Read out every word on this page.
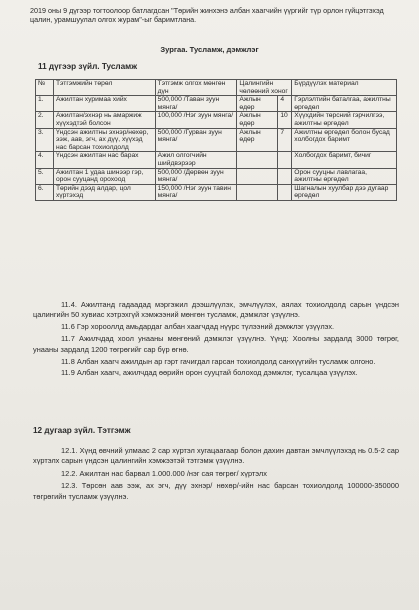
2019 оны 9 дүгээр тогтоолоор батлагдсан "Төрийн жинхэнэ албан хаагчийн үүргийг түр орлон гүйцэтгэхэд цалин, урамшуулал олгох журам"-ыг баримтлана.
Зургаа. Тусламж, дэмжлэг
11 дүгээр зүйл. Тусламж
№	Тэтгэмжийн төрөл	Тэтгэмж олгох мөнгөн дүн	Цалингийн чөлөөний хоног		Бүрдүүлэх материал
1.	Ажилтан хуримаа хийх	500,000 /Таван зуун мянга/	Ажлын өдөр	4	Гэрлэлтийн баталгаа, ажилтны өргөдөл
2.	Ажилтан/эхнэр нь амаржиж хүүхэдтэй болсон	100,000 /Нэг зуун мянга/	Ажлын өдөр	10	Хүүхдийн төрсний гэрчилгээ, ажилтны өргөдөл
3.	Үндсэн ажилтны эхнэр/нөхөр, ээж, аав, эгч, ах дүү, хүүхэд нас барсан тохиолдолд	500,000 /Гурван зуун мянга/	Ажлын өдөр	7	Ажилтны өргөдөл болон бусад холбогдох баримт
4.	Үндсэн ажилтан нас барах	Ажил олгогчийн шийдвэрээр			Холбогдох баримт, бичиг
5.	Ажилтан 1 удаа шинээр гэр, орон сууцанд орохоод	500,000 /Дөрвөн зуун мянга/			Орон сууцны лавлагаа, ажилтны өргөдөл
6.	Төрийн дээд алдар, цол хүртэхэд	150,000 /Нэг зуун тавин мянга/			Шагналын хуулбар дээ дугаар өргөдөл

11.4. Ажилтанд гадаадад мэргэжил дээшлүүлэх, эмчлүүлэх, аялах тохиолдолд сарын үндсэн цалингийн 50 хувиас хэтрэхгүй хэмжээний мөнгөн тусламж, дэмжлэг үзүүлнэ.

11.6 Гэр хорооллд амьдардаг албан хаагчдад нүүрс түлээний дэмжлэг үзүүлэх.

11.7 Ажилчдад хоол унааны мөнгөний дэмжлэг үзүүлнэ. Үүнд: Хоолны зардалд 3000 төгрөг, унааны зардалд 1200 төгрөгийг сар бүр өгнө.

11.8 Албан хаагч ажилдын ар гэрт гачигдал гарсан тохиолдолд санхүүгийн тусламж олгоно.

11.9 Албан хаагч, ажилчдад өөрийн орон сууцтай болоход дэмжлэг, тусалцаа үзүүлэх.

12 дугаар зүйл. Тэтгэмж

12.1. Хүнд өвчний улмаас 2 сар хүртэл хугацаагаар болон дахин давтан эмчлүүлэхэд нь 0.5-2 сар хүртэлх сарын үндсэн цалингийн хэмжээтэй тэтгэмж үзүүлнэ.

12.2. Ажилтан нас барвал 1.000.000 /нэг сая төгрөг/ хүртэлх

12.3. Төрсөн аав ээж, ах эгч, дүү эхнэр/ нөхөр/-ийн нас барсан тохиолдолд 100000-350000 төгрөгийн тусламж үзүүлнэ.
